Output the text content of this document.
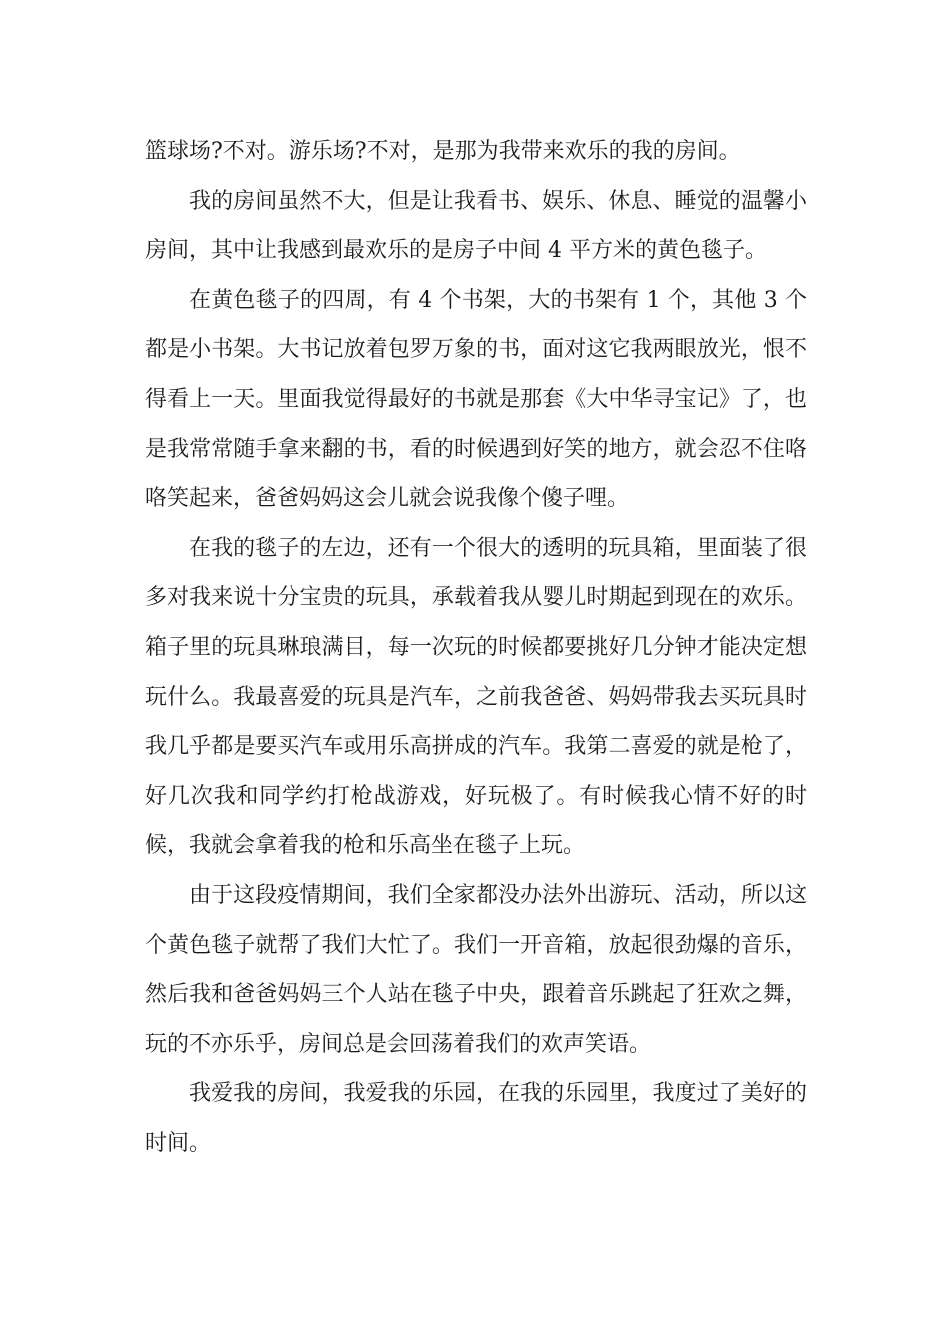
篮球场?不对。游乐场?不对，是那为我带来欢乐的我的房间。

我的房间虽然不大，但是让我看书、娱乐、休息、睡觉的温馨小房间，其中让我感到最欢乐的是房子中间 4 平方米的黄色毯子。

在黄色毯子的四周，有 4 个书架，大的书架有 1 个，其他 3 个都是小书架。大书记放着包罗万象的书，面对这它我两眼放光，恨不得看上一天。里面我觉得最好的书就是那套《大中华寻宝记》了，也是我常常随手拿来翻的书，看的时候遇到好笑的地方，就会忍不住咯咯笑起来，爸爸妈妈这会儿就会说我像个傻子哩。

在我的毯子的左边，还有一个很大的透明的玩具箱，里面装了很多对我来说十分宝贵的玩具，承载着我从婴儿时期起到现在的欢乐。箱子里的玩具琳琅满目，每一次玩的时候都要挑好几分钟才能决定想玩什么。我最喜爱的玩具是汽车，之前我爸爸、妈妈带我去买玩具时我几乎都是要买汽车或用乐高拼成的汽车。我第二喜爱的就是枪了，好几次我和同学约打枪战游戏，好玩极了。有时候我心情不好的时候，我就会拿着我的枪和乐高坐在毯子上玩。

由于这段疫情期间，我们全家都没办法外出游玩、活动，所以这个黄色毯子就帮了我们大忙了。我们一开音箱，放起很劲爆的音乐，然后我和爸爸妈妈三个人站在毯子中央，跟着音乐跳起了狂欢之舞，玩的不亦乐乎，房间总是会回荡着我们的欢声笑语。

我爱我的房间，我爱我的乐园，在我的乐园里，我度过了美好的时间。
